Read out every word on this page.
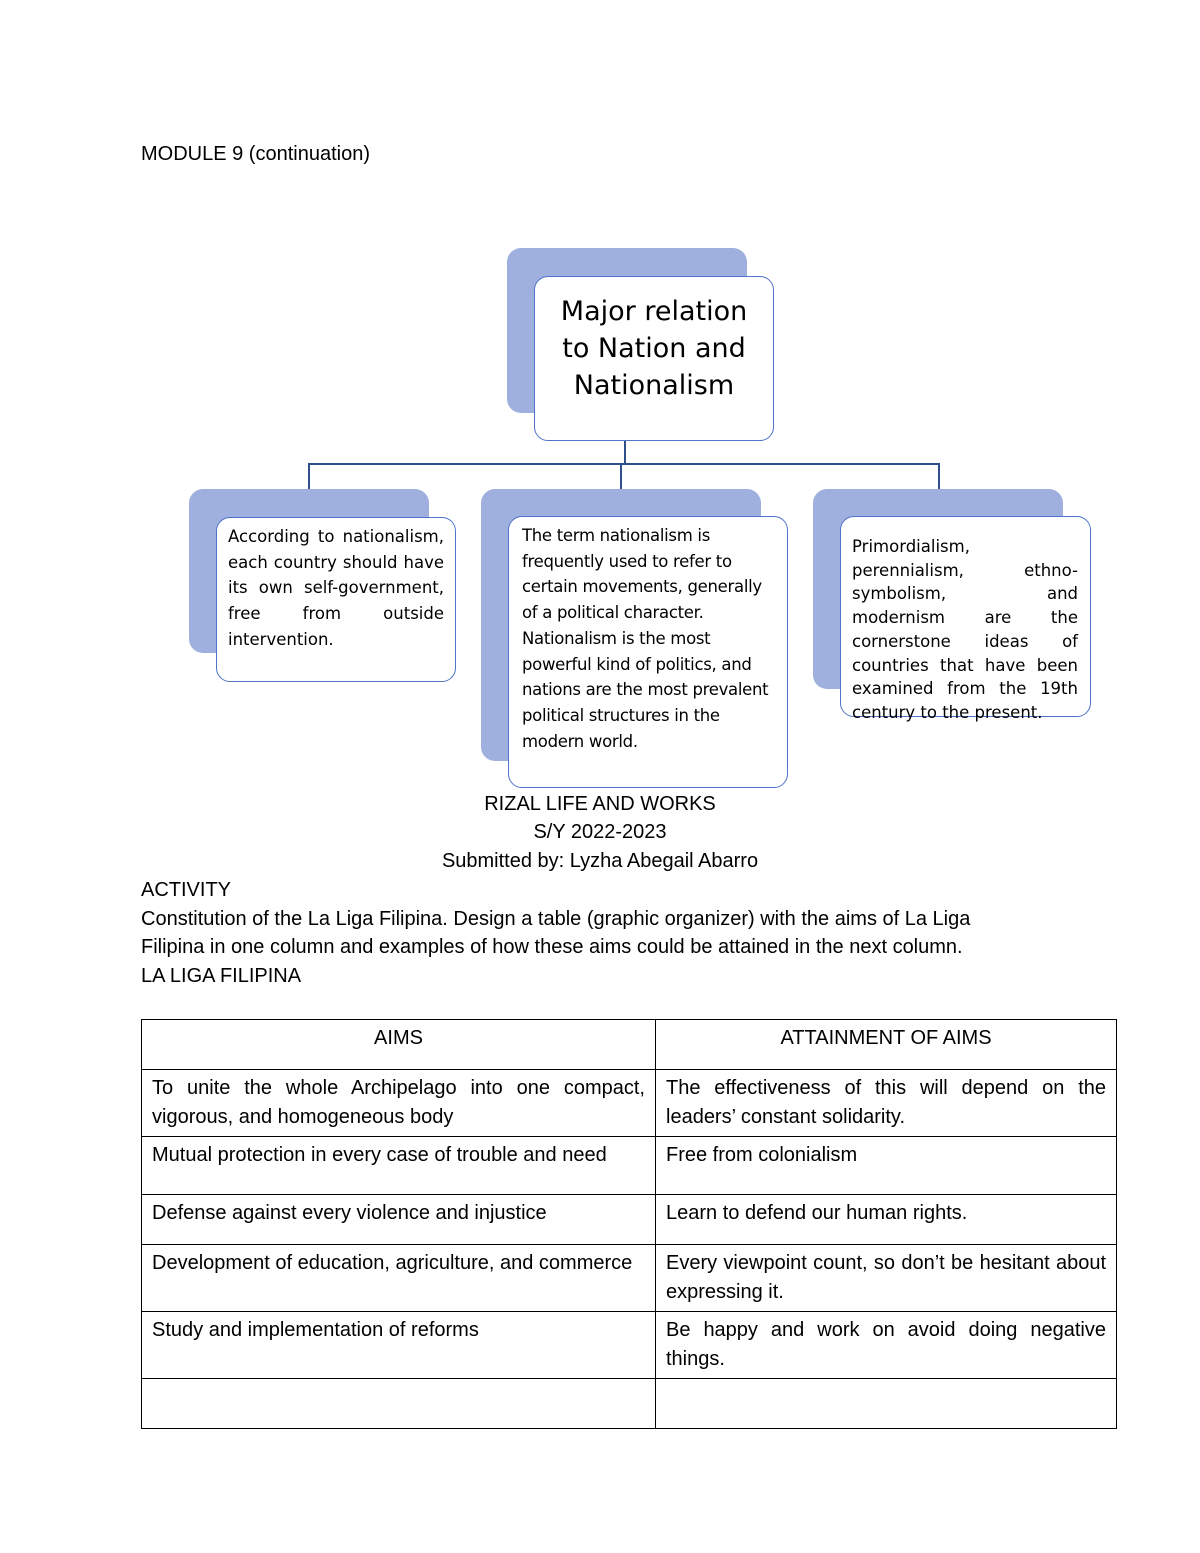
MODULE 9 (continuation)
Major relation to Nation and Nationalism
According to nationalism, each country should have its own self-government, free from outside intervention.
The term nationalism is frequently used to refer to certain movements, generally of a political character. Nationalism is the most powerful kind of politics, and nations are the most prevalent political structures in the modern world.
Primordialism, perennialism, ethno-symbolism, and modernism are the cornerstone ideas of countries that have been examined from the 19th century to the present.
RIZAL LIFE AND WORKS
S/Y 2022-2023
Submitted by: Lyzha Abegail Abarro
ACTIVITY
Constitution of the La Liga Filipina. Design a table (graphic organizer) with the aims of La Liga
Filipina in one column and examples of how these aims could be attained in the next column.
LA LIGA FILIPINA
AIMS	ATTAINMENT OF AIMS
To unite the whole Archipelago into one compact, vigorous, and homogeneous body	The effectiveness of this will depend on the leaders’ constant solidarity.
Mutual protection in every case of trouble and need	Free from colonialism
Defense against every violence and injustice	Learn to defend our human rights.
Development of education, agriculture, and commerce	Every viewpoint count, so don’t be hesitant about expressing it.
Study and implementation of reforms	Be happy and work on avoid doing negative things.
